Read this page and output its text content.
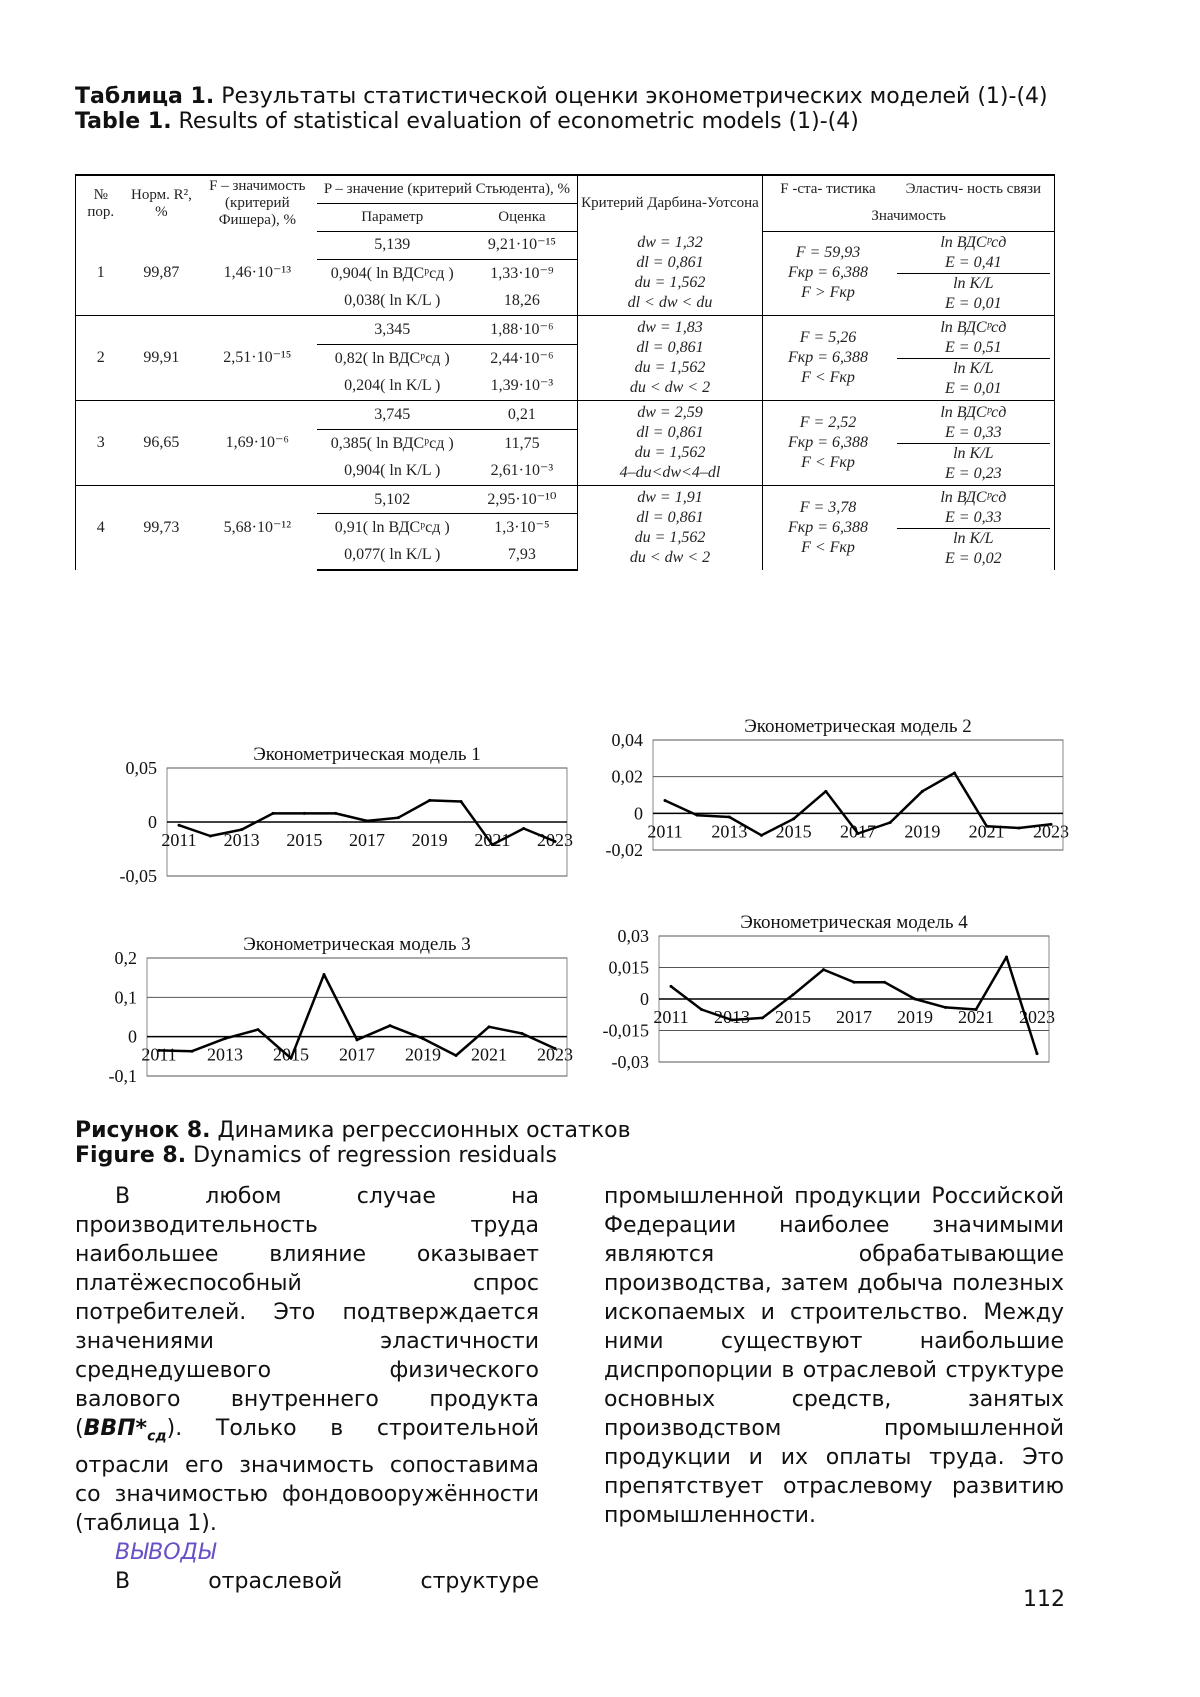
Таблица 1. Результаты статистической оценки эконометрических моделей (1)-(4)
Table 1. Results of statistical evaluation of econometric models (1)-(4)
№ пор.	Норм. R², %	F – значимость (критерий Фишера), %	P – значение (критерий Стьюдента), %	Критерий Дарбина-Уотсона	F -ста- тистика	Эластич- ность связи
Параметр	Оценка	Значимость
1	99,87	1,46·10⁻¹³	5,139	9,21·10⁻¹⁵	dw = 1,32
dl = 0,861
du = 1,562
dl < dw < du

F = 59,93
Fкр = 6,388
F > Fкр

ln ВДСᵖсд
E = 0,41
ln K/L
E = 0,01

0,904( ln ВДСᵖсд )	1,33·10⁻⁹
0,038( ln K/L )	18,26
2	99,91	2,51·10⁻¹⁵	3,345	1,88·10⁻⁶	dw = 1,83
dl = 0,861
du = 1,562
du < dw < 2

F = 5,26
Fкр = 6,388
F < Fкр

ln ВДСᵖсд
E = 0,51
ln K/L
E = 0,01

0,82( ln ВДСᵖсд )	2,44·10⁻⁶
0,204( ln K/L )	1,39·10⁻³
3	96,65	1,69·10⁻⁶	3,745	0,21	dw = 2,59
dl = 0,861
du = 1,562
4–du<dw<4–dl

F = 2,52
Fкр = 6,388
F < Fкр

ln ВДСᵖсд
E = 0,33
ln K/L
E = 0,23

0,385( ln ВДСᵖсд )	11,75
0,904( ln K/L )	2,61·10⁻³
4	99,73	5,68·10⁻¹²	5,102	2,95·10⁻¹⁰	dw = 1,91
dl = 0,861
du = 1,562
du < dw < 2

F = 3,78
Fкр = 6,388
F < Fкр

ln ВДСᵖсд
E = 0,33
ln K/L
E = 0,02

0,91( ln ВДСᵖсд )	1,3·10⁻⁵
0,077( ln K/L )	7,93
0,05
0
-0,05
2011 2013 2015 2017 2019 2021
Эконометрическая модель 1
0,04
0,02
0
-0,02
2011 2013 2015 2017 2019 2021 2023
Эконометрическая модель 2
0,2
0,1
0
-0,1
2011 2013 2015 2017 2019 2021 2023
Эконометрическая модель 3	0,03
0,015
0
-0,015
-0,03
2011 2013 2015 2017 2019 2021 2023
Эконометрическая модель 4
Рисунок 8. Динамика регрессионных остатков
Figure 8. Dynamics of regression residuals

В любом случае на производительность труда наибольшее влияние оказывает платёжеспособный спрос потребителей. Это подтверждается значениями эластичности среднедушевого физического валового внутреннего продукта (ВВП*сд). Только в строительной отрасли его значимость сопоставима со значимостью фондовооружённости (таблица 1).

ВЫВОДЫ

В отраслевой структуре

промышленной продукции Российской Федерации наиболее значимыми являются обрабатывающие производства, затем добыча полезных ископаемых и строительство. Между ними существуют наибольшие диспропорции в отраслевой структуре основных средств, занятых производством промышленной продукции и их оплаты труда. Это препятствует отраслевому развитию промышленности.

112
